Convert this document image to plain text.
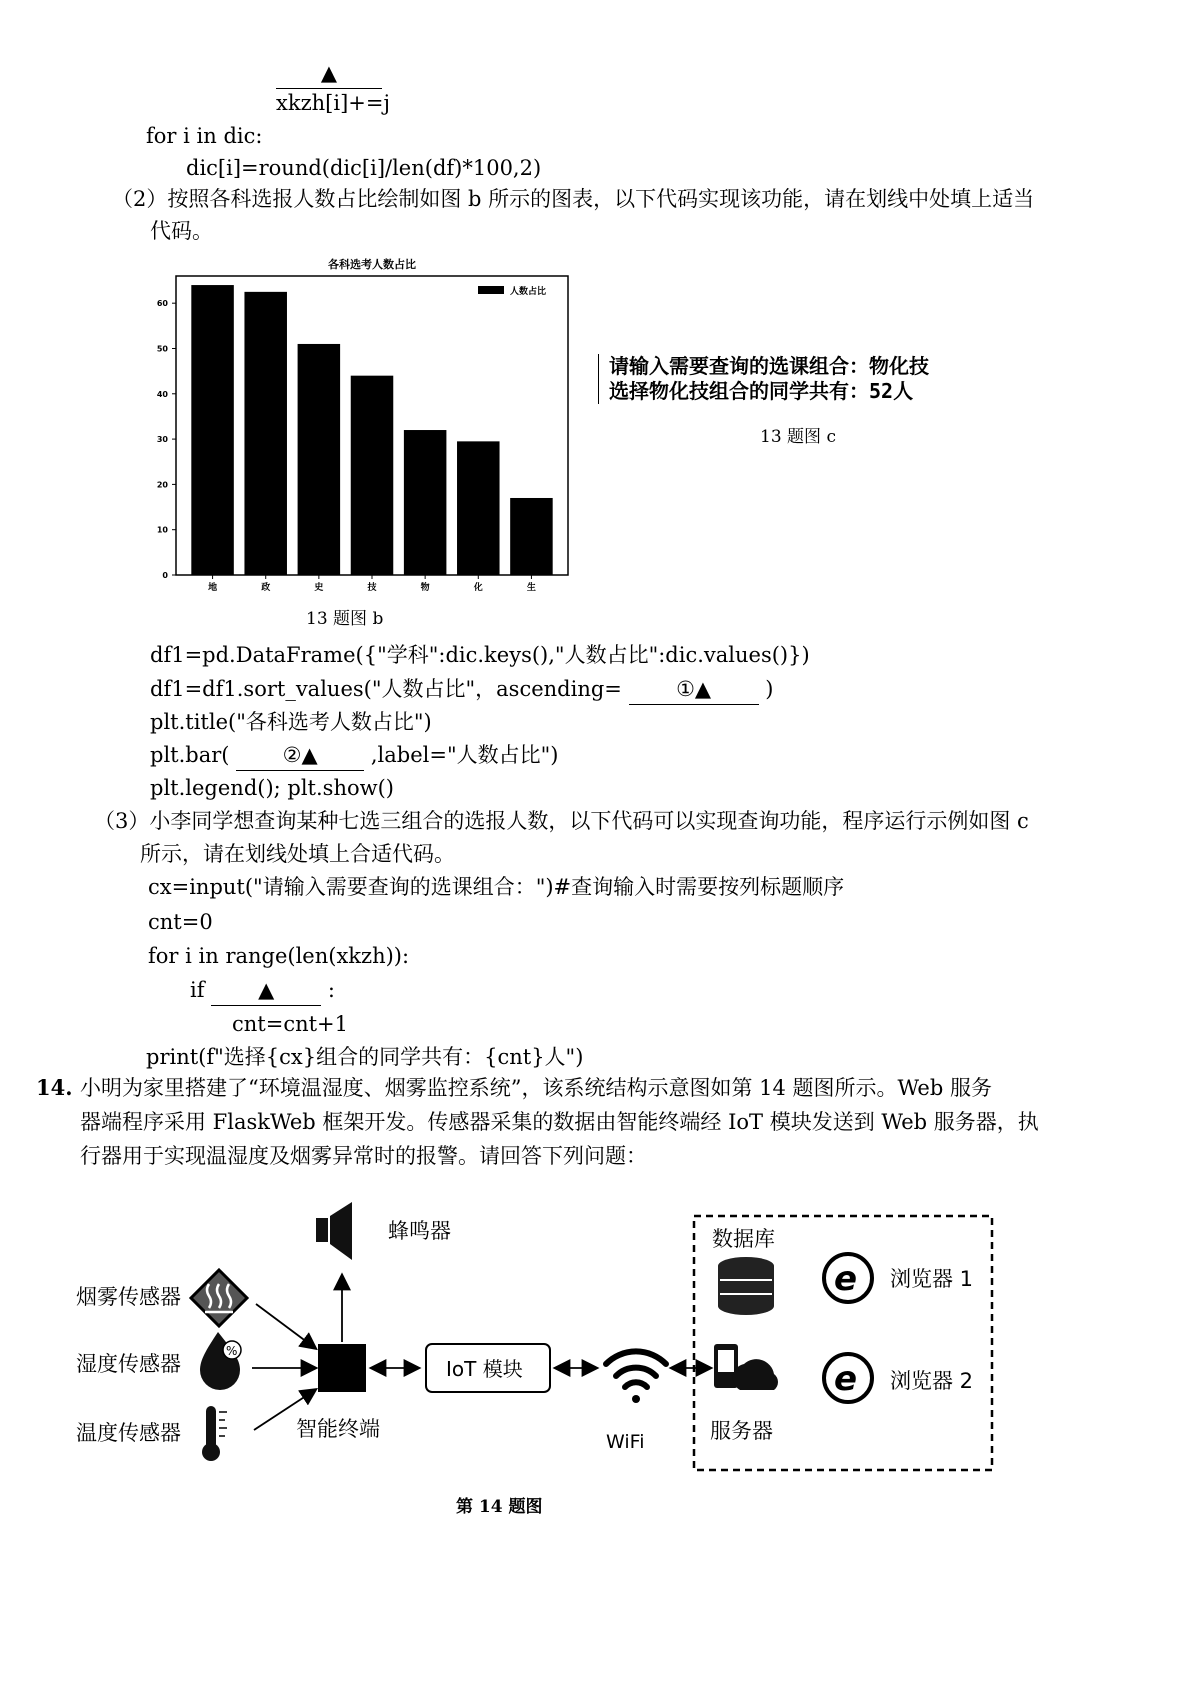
▲
xkzh[i]+=j
for i in dic:
dic[i]=round(dic[i]/len(df)*100,2)
（2）按照各科选报人数占比绘制如图 b 所示的图表，以下代码实现该功能，请在划线中处填上适当
代码。
各科选考人数占比
0
10
20
30
40
50
60
地	政	史	技	物	化	生
人数占比
13 题图 b
请输入需要查询的选课组合：物化技
选择物化技组合的同学共有：52人
13 题图 c
df1=pd.DataFrame({"学科":dic.keys(),"人数占比":dic.values()})
df1=df1.sort_values("人数占比"，ascending=	①▲	)
plt.title("各科选考人数占比")
plt.bar(	②▲	,label="人数占比")
plt.legend(); plt.show()
（3）小李同学想查询某种七选三组合的选报人数，以下代码可以实现查询功能，程序运行示例如图 c
所示，请在划线处填上合适代码。
cx=input("请输入需要查询的选课组合：")#查询输入时需要按列标题顺序
cnt=0
for i in range(len(xkzh)):
if ▲	:
cnt=cnt+1
print(f"选择{cx}组合的同学共有：{cnt}人")
14. 小明为家里搭建了“环境温湿度、烟雾监控系统”，该系统结构示意图如第 14 题图所示。Web 服务
器端程序采用 FlaskWeb 框架开发。传感器采集的数据由智能终端经 IoT 模块发送到 Web 服务器，执
行器用于实现温湿度及烟雾异常时的报警。请回答下列问题：
烟雾传感器
湿度传感器
温度传感器
蜂鸣器
智能终端
WiFi
数据库
服务器
浏览器 1
浏览器 2
%
IoT 模块
e
e
第 14 题图
